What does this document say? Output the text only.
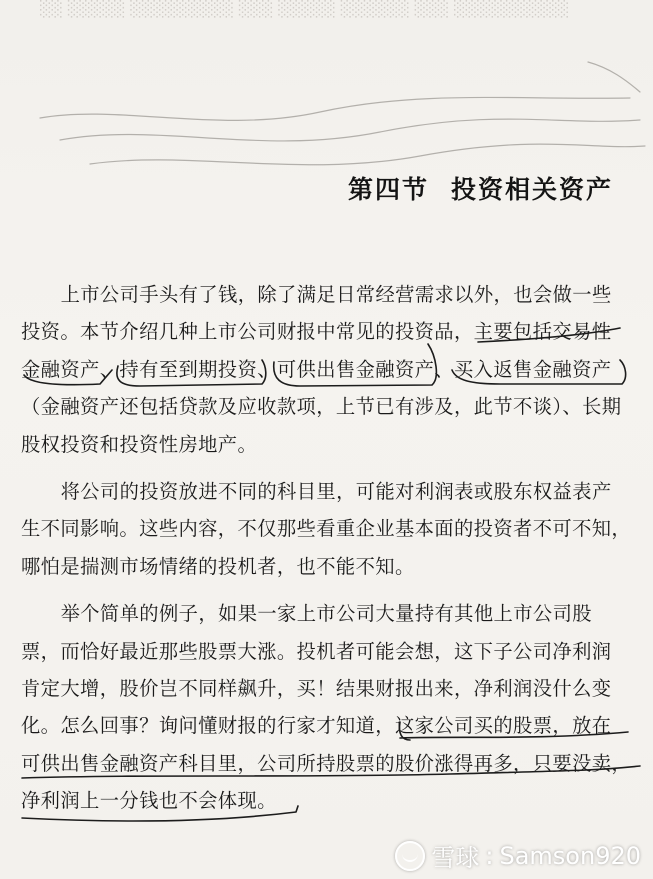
░░ ░░░░░ ░░░░░░░░░ ░░░ ░░░░░ ░░░░░░ ░░░ ░░░░░░░░░░
第四节 投资相关资产
上市公司手头有了钱，除了满足日常经营需求以外，也会做一些
投资。本节介绍几种上市公司财报中常见的投资品，主要包括交易性
金融资产、持有至到期投资、可供出售金融资产、买入返售金融资产
（金融资产还包括贷款及应收款项，上节已有涉及，此节不谈）、长期
股权投资和投资性房地产。
将公司的投资放进不同的科目里，可能对利润表或股东权益表产
生不同影响。这些内容，不仅那些看重企业基本面的投资者不可不知，
哪怕是揣测市场情绪的投机者，也不能不知。
举个简单的例子，如果一家上市公司大量持有其他上市公司股
票，而恰好最近那些股票大涨。投机者可能会想，这下子公司净利润
肯定大增，股价岂不同样飙升，买！结果财报出来，净利润没什么变
化。怎么回事？询问懂财报的行家才知道，这家公司买的股票，放在
可供出售金融资产科目里，公司所持股票的股价涨得再多，只要没卖，
净利润上一分钱也不会体现。
雪球 : Samson920
